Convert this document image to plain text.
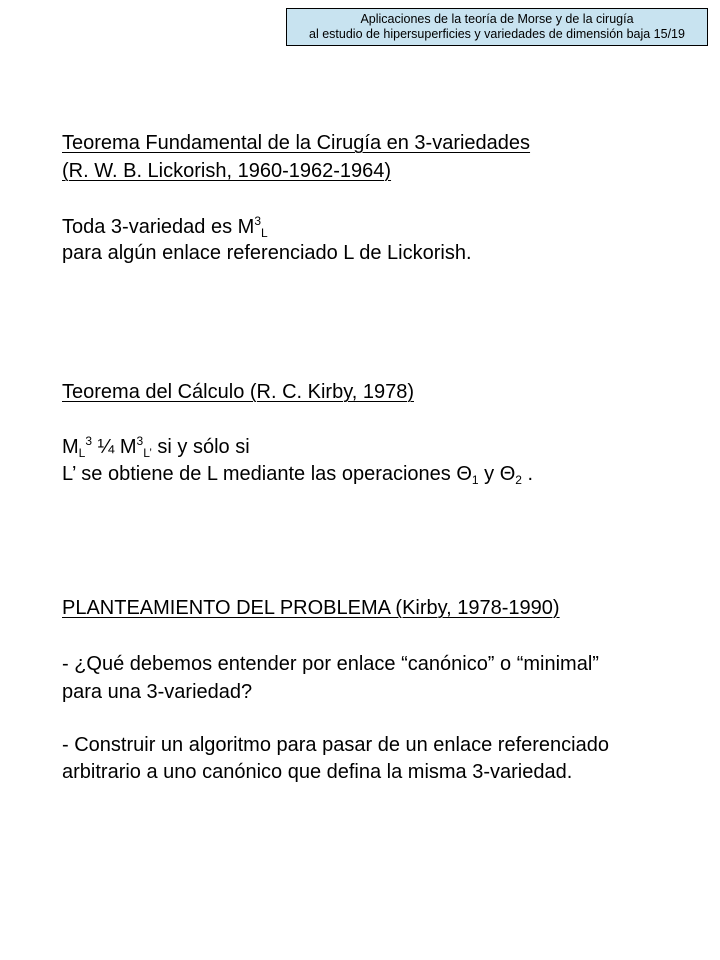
Aplicaciones de la teoría de Morse y de la cirugía
al estudio de hipersuperficies y variedades de dimensión baja 15/19
Teorema Fundamental de la Cirugía en 3-variedades
(R. W. B. Lickorish, 1960-1962-1964)
Toda 3-variedad es $M^3_L$
para algún enlace referenciado L de Lickorish.
Teorema del Cálculo (R. C. Kirby, 1978)
$M_L^3$ ¼ $M^3_{L’}$ si y sólo si
L’ se obtiene de L mediante las operaciones $\Theta_1$ y $\Theta_2$ .
PLANTEAMIENTO DEL PROBLEMA (Kirby, 1978-1990)
- ¿Qué debemos entender por enlace “canónico” o “minimal”
para una 3-variedad?
- Construir un algoritmo para pasar de un enlace referenciado
arbitrario a uno canónico que defina la misma 3-variedad.
